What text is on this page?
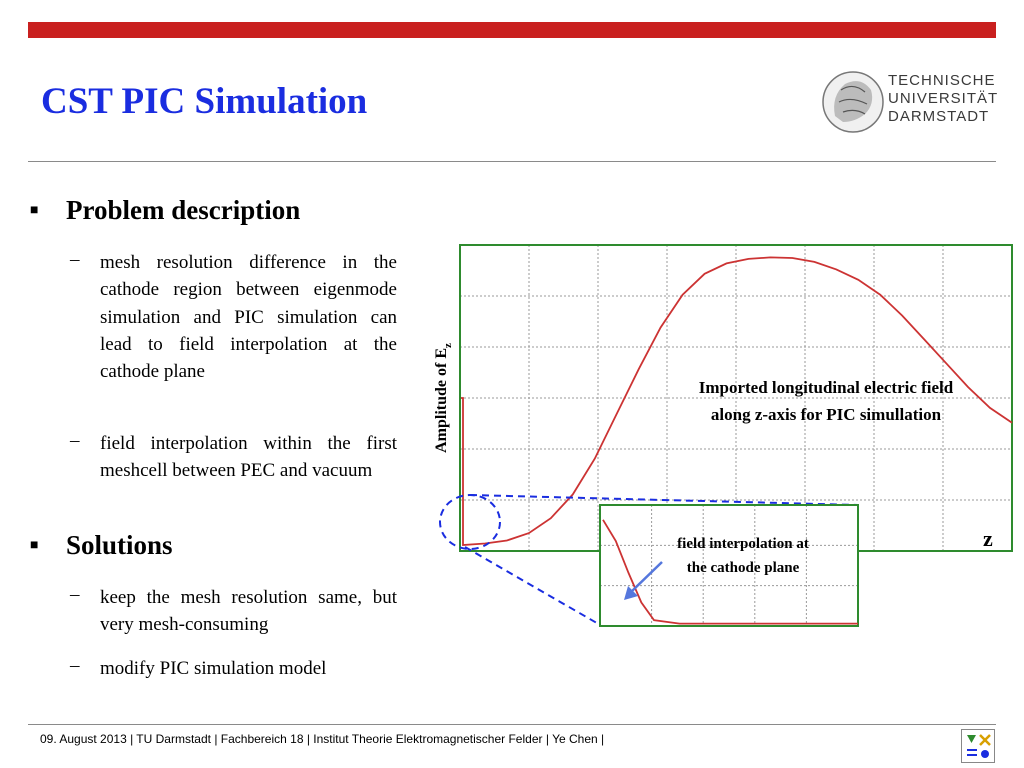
CST PIC Simulation
TECHNISCHE
UNIVERSITÄT
DARMSTADT
■ Problem description
– mesh resolution difference in the cathode region between eigenmode simulation and PIC simulation can lead to field interpolation at the cathode plane
– field interpolation within the first meshcell between PEC and vacuum
■ Solutions
– keep the mesh resolution same, but very mesh-consuming
– modify PIC simulation model
Amplitude of $E_z$
z
Imported longitudinal electric field
along z-axis for PIC simullation
field interpolation at
the cathode plane
09. August 2013 | TU Darmstadt | Fachbereich 18 | Institut Theorie Elektromagnetischer Felder | Ye Chen |
